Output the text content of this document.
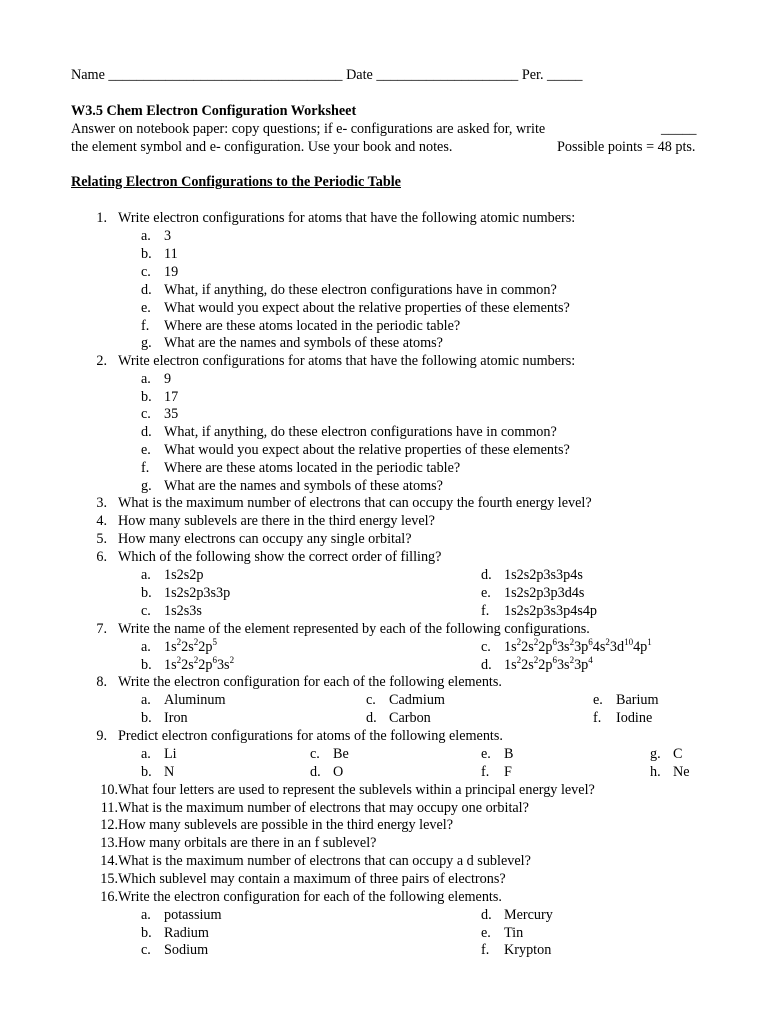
Name _________________________________ Date ____________________ Per. _____
W3.5 Chem Electron Configuration Worksheet
Answer on notebook paper: copy questions; if e- configurations are asked for, write	_____
the element symbol and e- configuration. Use your book and notes.	Possible points = 48 pts.
Relating Electron Configurations to the Periodic Table
1. Write electron configurations for atoms that have the following atomic numbers:
a. 3
b. 11
c. 19
d. What, if anything, do these electron configurations have in common?
e. What would you expect about the relative properties of these elements?
f. Where are these atoms located in the periodic table?
g. What are the names and symbols of these atoms?
2. Write electron configurations for atoms that have the following atomic numbers:
a. 9
b. 17
c. 35
d. What, if anything, do these electron configurations have in common?
e. What would you expect about the relative properties of these elements?
f. Where are these atoms located in the periodic table?
g. What are the names and symbols of these atoms?
3. What is the maximum number of electrons that can occupy the fourth energy level?
4. How many sublevels are there in the third energy level?
5. How many electrons can occupy any single orbital?
6. Which of the following show the correct order of filling?
a. 1s2s2p	d. 1s2s2p3s3p4s
b. 1s2s2p3s3p	e. 1s2s2p3p3d4s
c. 1s2s3s	f. 1s2s2p3s3p4s4p
7. Write the name of the element represented by each of the following configurations.
a. $1s^22s^22p^5$	c. $1s^22s^22p^63s^23p^64s^23d^{10}4p^1$
b. $1s^22s^22p^63s^2$	d. $1s^22s^22p^63s^23p^4$
8. Write the electron configuration for each of the following elements.
a. Aluminum	c. Cadmium	e. Barium
b. Iron	d. Carbon	f. Iodine
9. Predict electron configurations for atoms of the following elements.
a. Li	c. Be	e. B	g. C
b. N	d. O	f. F	h. Ne
10. What four letters are used to represent the sublevels within a principal energy level?
11. What is the maximum number of electrons that may occupy one orbital?
12. How many sublevels are possible in the third energy level?
13. How many orbitals are there in an f sublevel?
14. What is the maximum number of electrons that can occupy a d sublevel?
15. Which sublevel may contain a maximum of three pairs of electrons?
16. Write the electron configuration for each of the following elements.
a. potassium	d. Mercury
b. Radium	e. Tin
c. Sodium	f. Krypton
